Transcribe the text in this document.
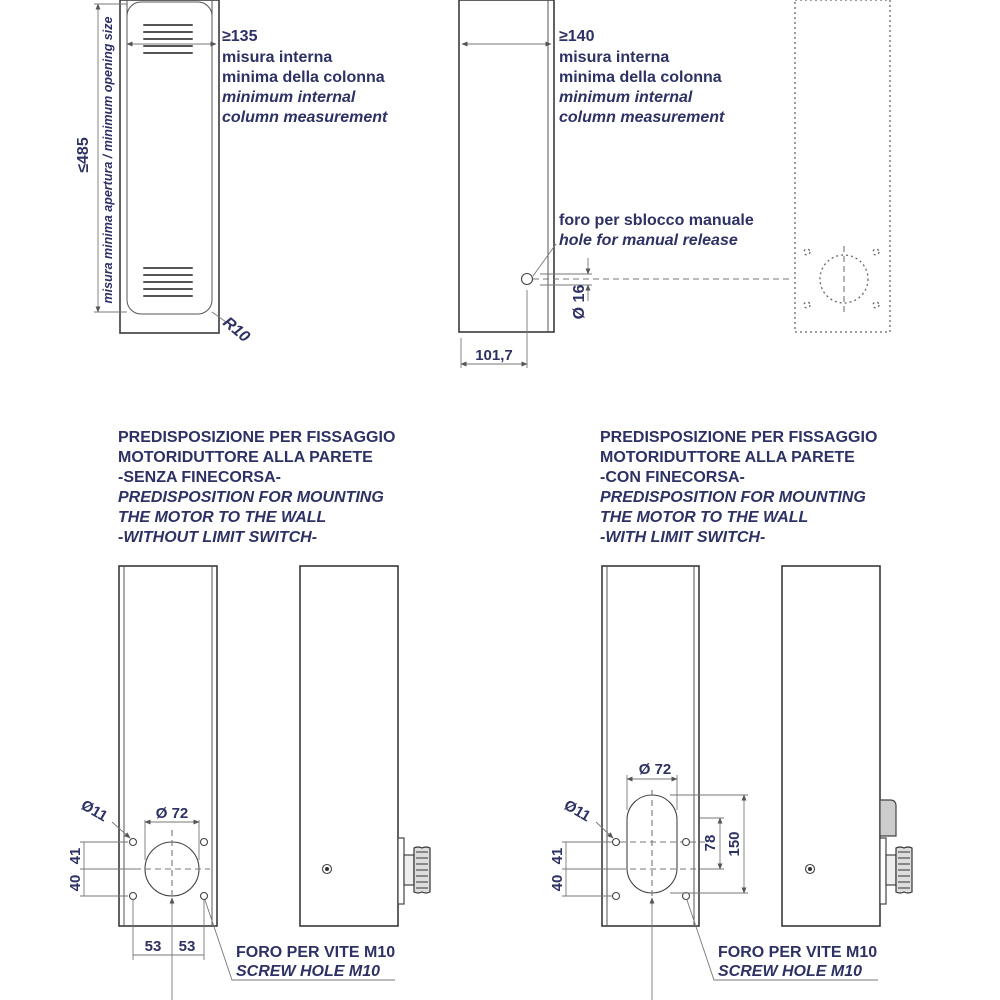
≤485 misura minima apertura / minimum opening size
R10
≥135
misura interna
minima della colonna
minimum internal
column measurement
Ø 16
101,7
≥140
misura interna
minima della colonna
minimum internal
column measurement
foro per sblocco manuale
hole for manual release
PREDISPOSIZIONE PER FISSAGGIO
MOTORIDUTTORE ALLA PARETE
-SENZA FINECORSA-
PREDISPOSITION FOR MOUNTING
THE MOTOR TO THE WALL
-WITHOUT LIMIT SWITCH-
PREDISPOSIZIONE PER FISSAGGIO
MOTORIDUTTORE ALLA PARETE
-CON FINECORSA-
PREDISPOSITION FOR MOUNTING
THE MOTOR TO THE WALL
-WITH LIMIT SWITCH-
Ø 72
Ø11
40
41
53 53	FORO PER VITE M10
SCREW HOLE M10
Ø 72
78 150
Ø11
40
41
FORO PER VITE M10
SCREW HOLE M10
